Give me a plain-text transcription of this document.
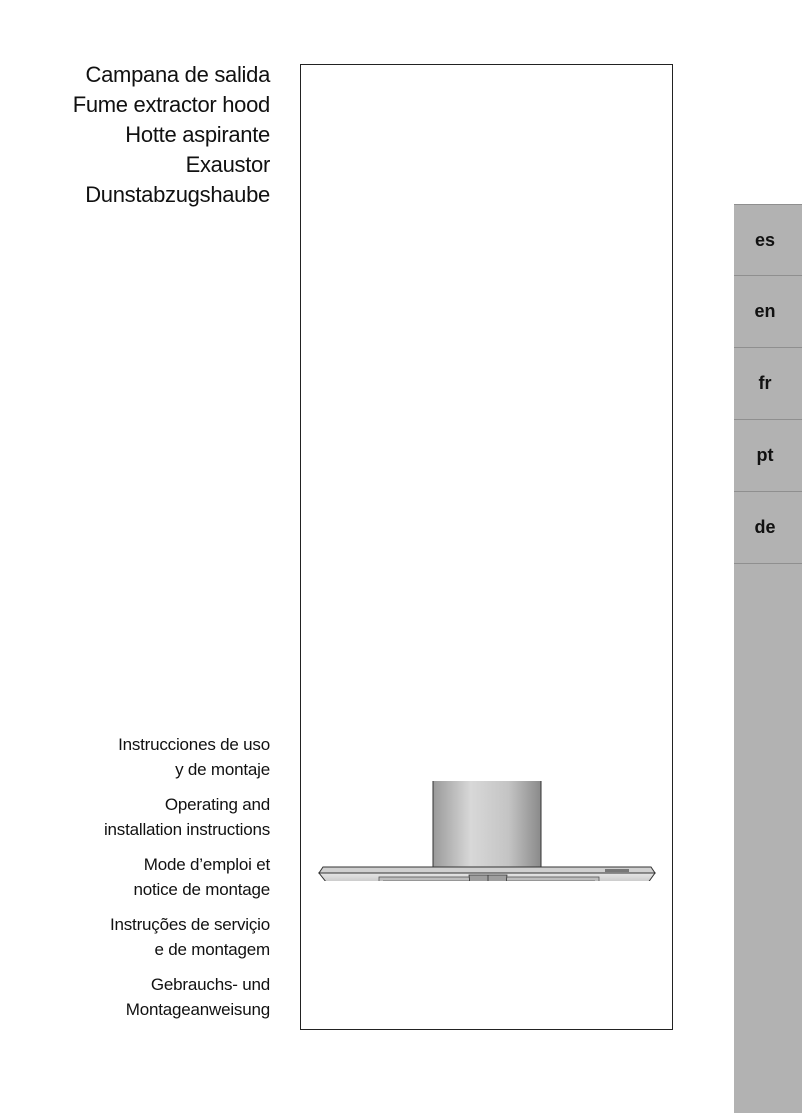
Campana de salida
Fume extractor hood
Hotte aspirante
Exaustor
Dunstabzugshaube
Instrucciones de uso
y de montaje
Operating and
installation instructions
Mode d’emploi et
notice de montage
Instruções de serviçio
e de montagem
Gebrauchs- und
Montageanweisung
es
en
fr
pt
de
